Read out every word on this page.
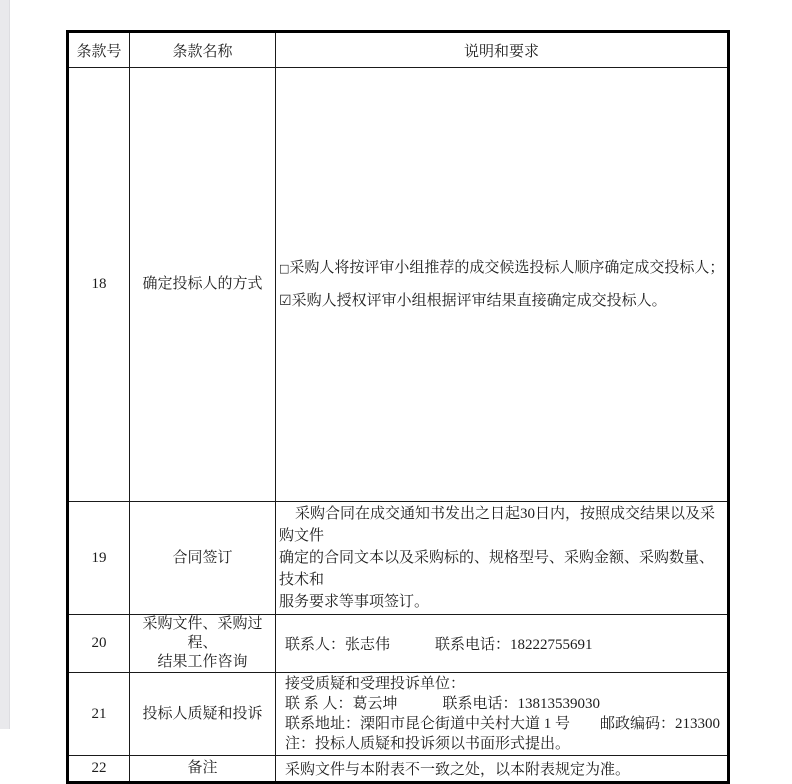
条款号	条款名称	说明和要求
18	确定投标人的方式	□采购人将按评审小组推荐的成交候选投标人顺序确定成交投标人；
☑采购人授权评审小组根据评审结果直接确定成交投标人。

19	合同签订	采购合同在成交通知书发出之日起30日内，按照成交结果以及采购文件
确定的合同文本以及采购标的、规格型号、采购金额、采购数量、技术和
服务要求等事项签订。

20	采购文件、采购过程、
结果工作咨询	联系人：张志伟　　　联系电话：18222755691
21	投标人质疑和投诉	接受质疑和受理投诉单位：
联 系 人：葛云坤　　　联系电话：13813539030
联系地址：溧阳市昆仑街道中关村大道 1 号　　邮政编码：213300
注：投标人质疑和投诉须以书面形式提出。

22	备注	采购文件与本附表不一致之处，以本附表规定为准。
